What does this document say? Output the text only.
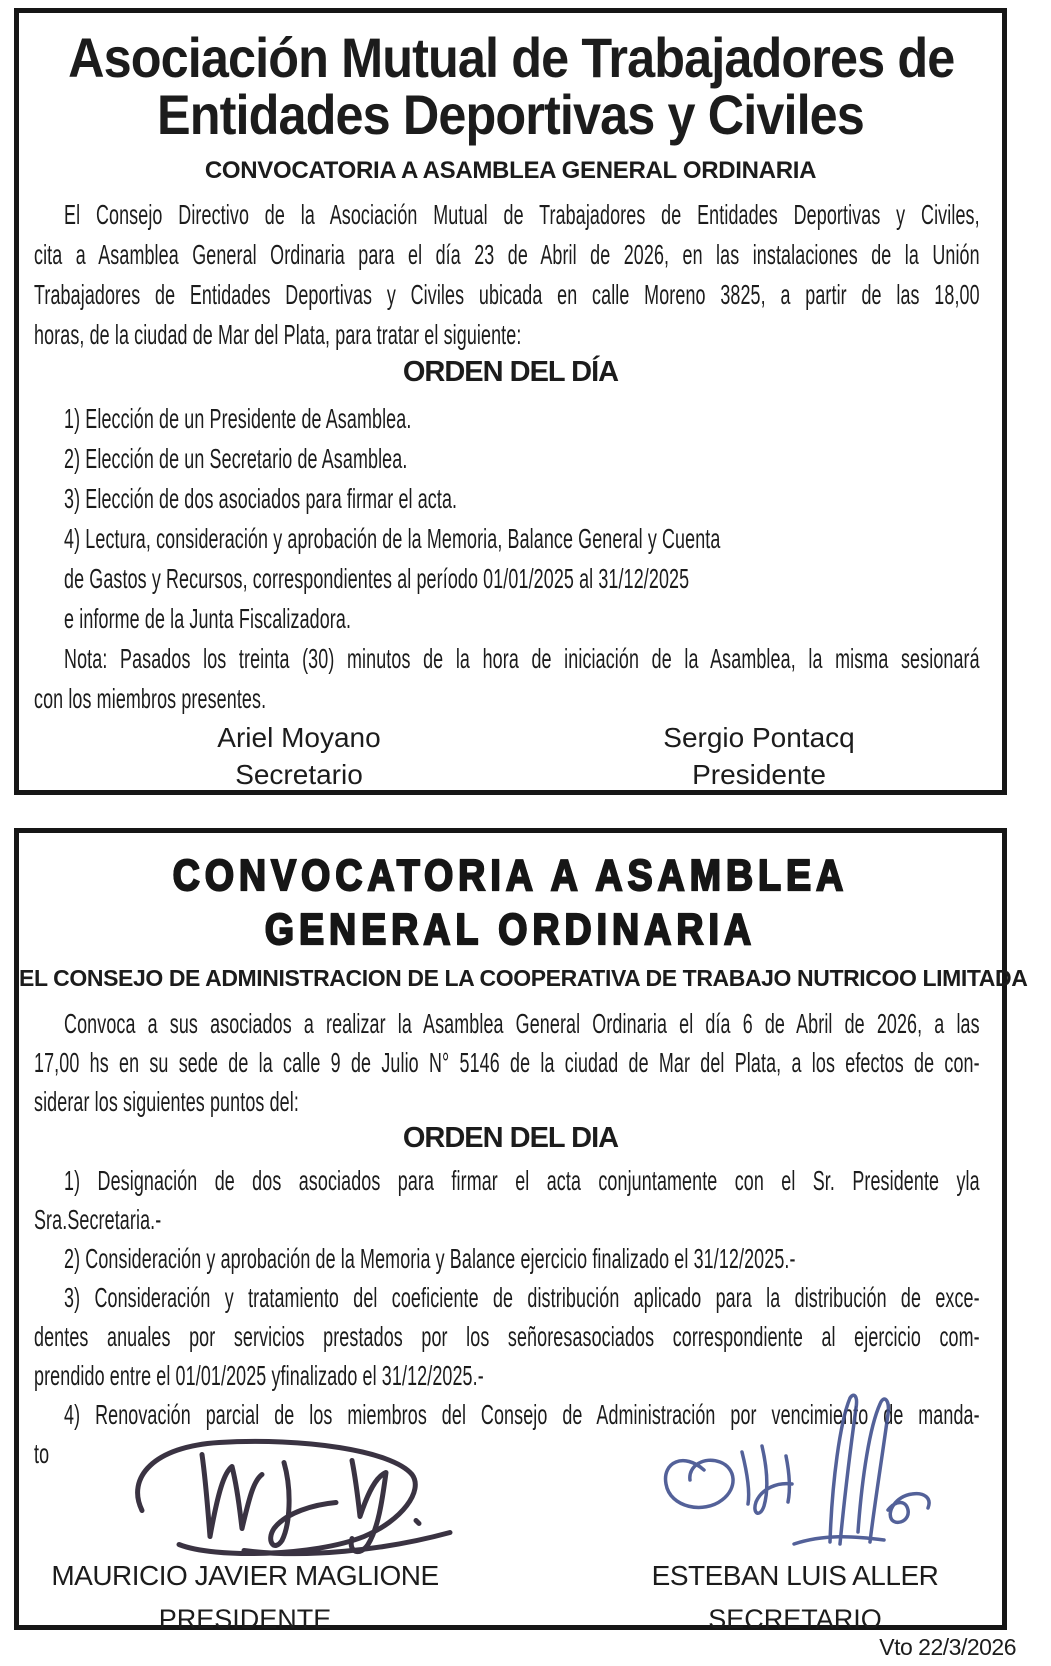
Asociación Mutual de Trabajadores de
Entidades Deportivas y Civiles
CONVOCATORIA A ASAMBLEA GENERAL ORDINARIA
El Consejo Directivo de la Asociación Mutual de Trabajadores de Entidades Deportivas y Civiles,
cita a Asamblea General Ordinaria para el día 23 de Abril de 2026, en las instalaciones de la Unión
Trabajadores de Entidades Deportivas y Civiles ubicada en calle Moreno 3825, a partir de las 18,00
horas, de la ciudad de Mar del Plata, para tratar el siguiente:
ORDEN DEL DÍA
1) Elección de un Presidente de Asamblea.
2) Elección de un Secretario de Asamblea.
3) Elección de dos asociados para firmar el acta.
4) Lectura, consideración y aprobación de la Memoria, Balance General y Cuenta
de Gastos y Recursos, correspondientes al período 01/01/2025 al 31/12/2025
e informe de la Junta Fiscalizadora.
Nota: Pasados los treinta (30) minutos de la hora de iniciación de la Asamblea, la misma sesionará
con los miembros presentes.
Ariel Moyano
Secretario
Sergio Pontacq
Presidente
CONVOCATORIA A ASAMBLEA
GENERAL ORDINARIA
EL CONSEJO DE ADMINISTRACION DE LA COOPERATIVA DE TRABAJO NUTRICOO LIMITADA
Convoca a sus asociados a realizar la Asamblea General Ordinaria el día 6 de Abril de 2026, a las
17,00 hs en su sede de la calle 9 de Julio N° 5146 de la ciudad de Mar del Plata, a los efectos de con-
siderar los siguientes puntos del:
ORDEN DEL DIA
1) Designación de dos asociados para firmar el acta conjuntamente con el Sr. Presidente yla
Sra.Secretaria.-
2) Consideración y aprobación de la Memoria y Balance ejercicio finalizado el 31/12/2025.-
3) Consideración y tratamiento del coeficiente de distribución aplicado para la distribución de exce-
dentes anuales por servicios prestados por los señoresasociados correspondiente al ejercicio com-
prendido entre el 01/01/2025 yfinalizado el 31/12/2025.-
4) Renovación parcial de los miembros del Consejo de Administración por vencimiento de manda-
to
MAURICIO JAVIER MAGLIONE
PRESIDENTE
ESTEBAN LUIS ALLER
SECRETARIO
Vto 22/3/2026
